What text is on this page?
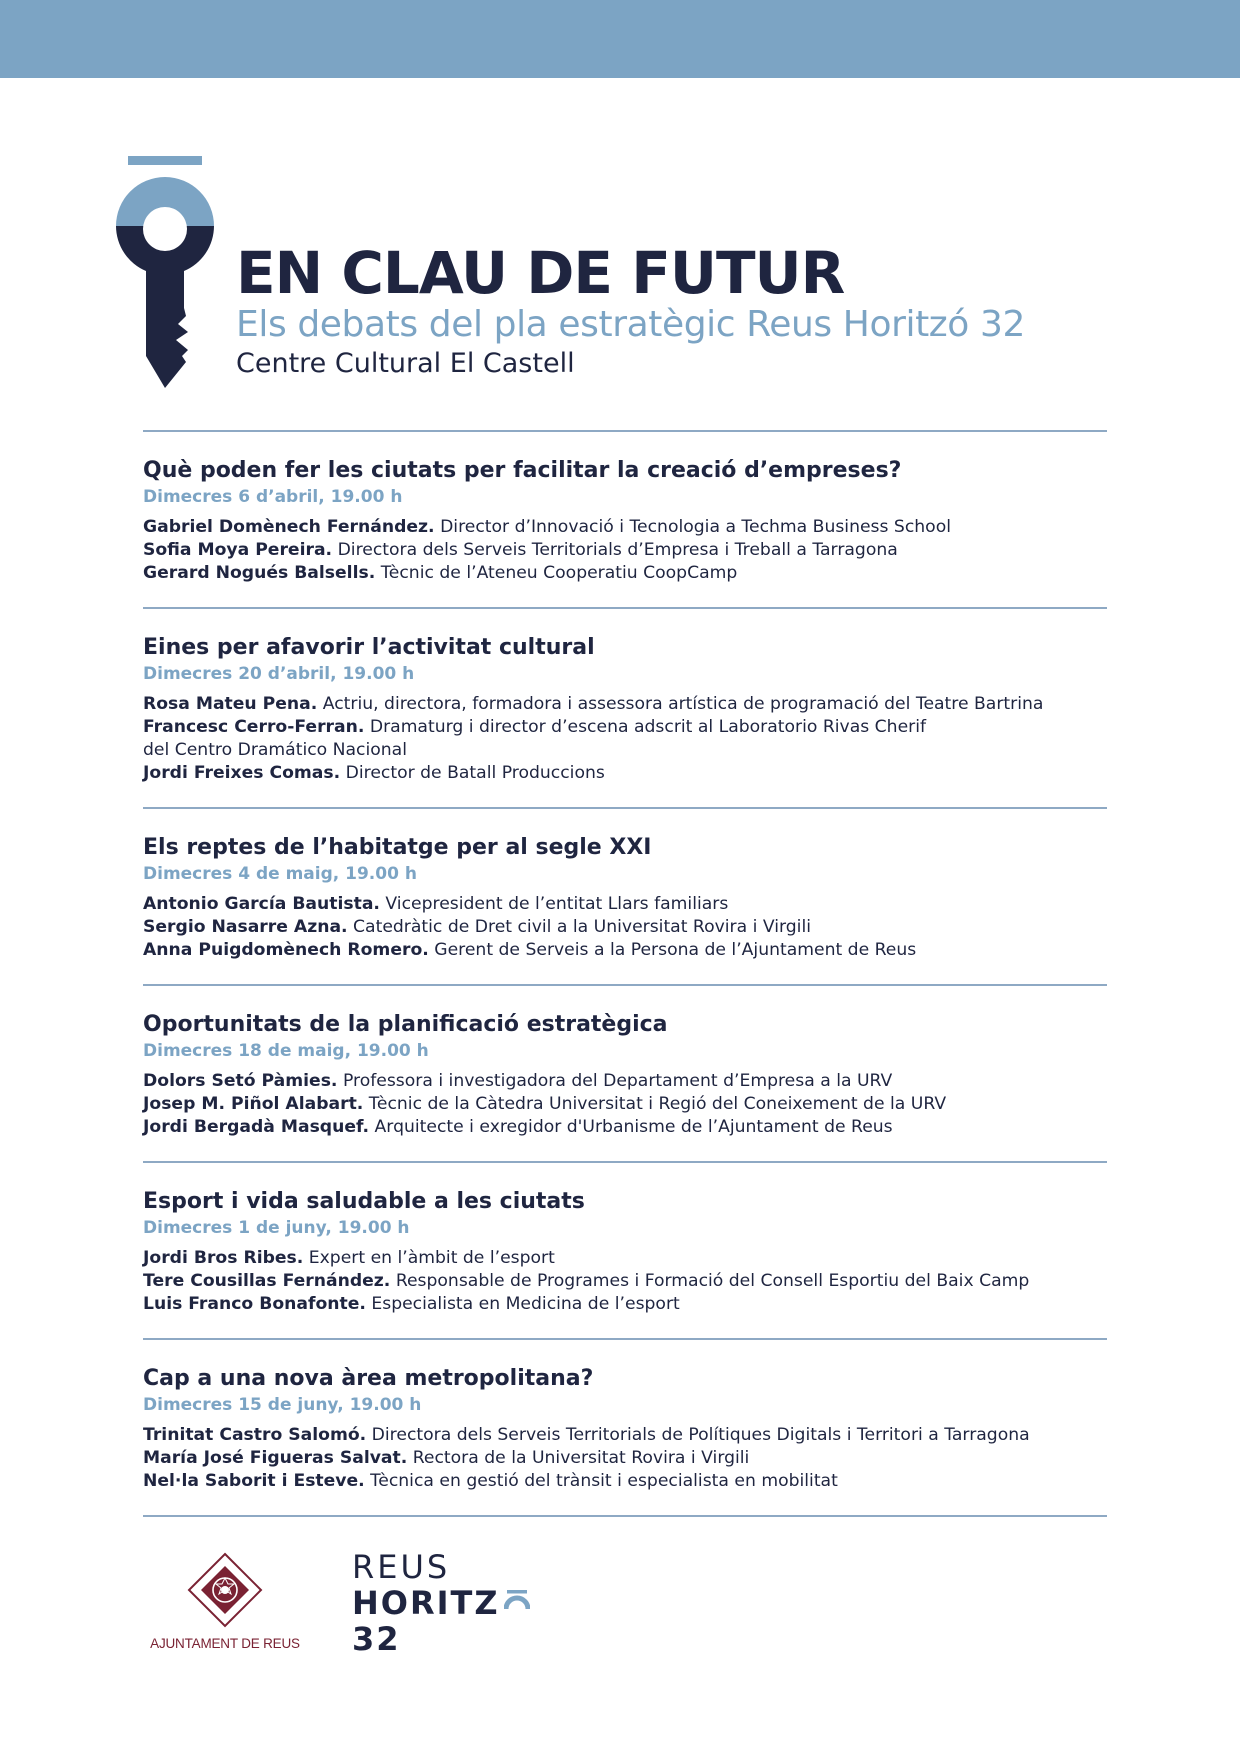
EN CLAU DE FUTUR

Els debats del pla estratègic Reus Horitzó 32

Centre Cultural El Castell

Què poden fer les ciutats per facilitar la creació d’empreses?

Dimecres 6 d’abril, 19.00 h

Gabriel Domènech Fernández. Director d’Innovació i Tecnologia a Techma Business School
Sofia Moya Pereira. Directora dels Serveis Territorials d’Empresa i Treball a Tarragona
Gerard Nogués Balsells. Tècnic de l’Ateneu Cooperatiu CoopCamp

Eines per afavorir l’activitat cultural

Dimecres 20 d’abril, 19.00 h

Rosa Mateu Pena. Actriu, directora, formadora i assessora artística de programació del Teatre Bartrina
Francesc Cerro-Ferran. Dramaturg i director d’escena adscrit al Laboratorio Rivas Cherif
del Centro Dramático Nacional
Jordi Freixes Comas. Director de Batall Produccions

Els reptes de l’habitatge per al segle XXI

Dimecres 4 de maig, 19.00 h

Antonio García Bautista. Vicepresident de l’entitat Llars familiars
Sergio Nasarre Azna. Catedràtic de Dret civil a la Universitat Rovira i Virgili
Anna Puigdomènech Romero. Gerent de Serveis a la Persona de l’Ajuntament de Reus

Oportunitats de la planificació estratègica

Dimecres 18 de maig, 19.00 h

Dolors Setó Pàmies. Professora i investigadora del Departament d’Empresa a la URV
Josep M. Piñol Alabart. Tècnic de la Càtedra Universitat i Regió del Coneixement de la URV
Jordi Bergadà Masquef. Arquitecte i exregidor d'Urbanisme de l’Ajuntament de Reus

Esport i vida saludable a les ciutats

Dimecres 1 de juny, 19.00 h

Jordi Bros Ribes. Expert en l’àmbit de l’esport
Tere Cousillas Fernández. Responsable de Programes i Formació del Consell Esportiu del Baix Camp
Luis Franco Bonafonte. Especialista en Medicina de l’esport

Cap a una nova àrea metropolitana?

Dimecres 15 de juny, 19.00 h

Trinitat Castro Salomó. Directora dels Serveis Territorials de Polítiques Digitals i Territori a Tarragona
María José Figueras Salvat. Rectora de la Universitat Rovira i Virgili
Nel·la Saborit i Esteve. Tècnica en gestió del trànsit i especialista en mobilitat
AJUNTAMENT DE REUS
REUS
HORITZ
32
